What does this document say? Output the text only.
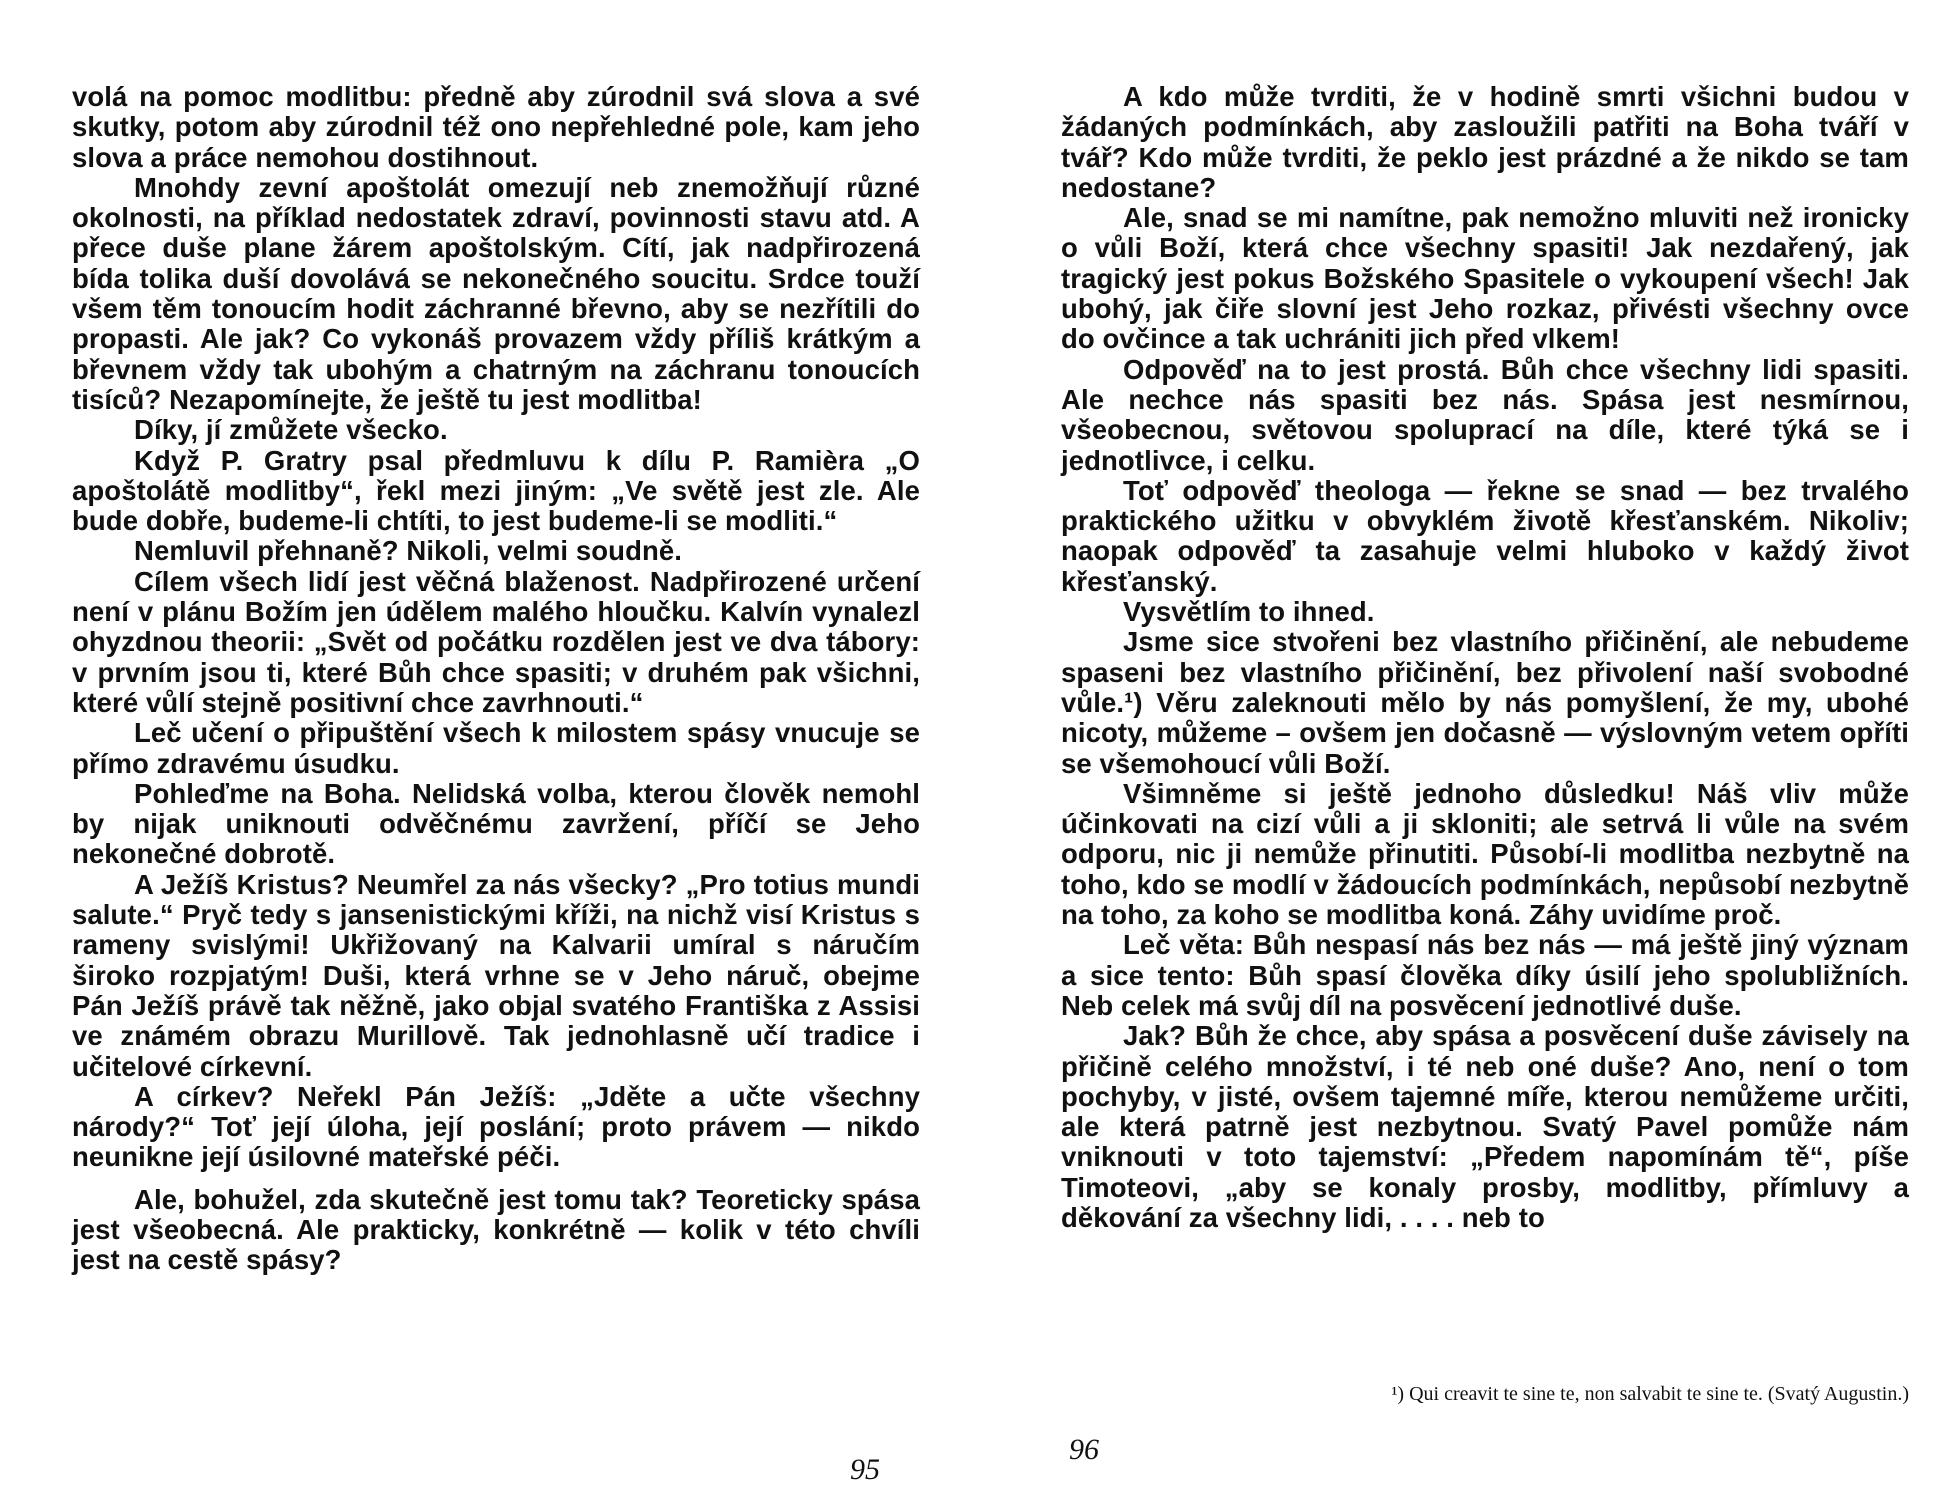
volá na pomoc modlitbu: předně aby zúrodnil svá slova a své skutky, potom aby zúrodnil též ono nepřehledné pole, kam jeho slova a práce nemohou dostihnout.

Mnohdy zevní apoštolát omezují neb znemožňují různé okolnosti, na příklad nedostatek zdraví, povinnosti stavu atd. A přece duše plane žárem apoštolským. Cítí, jak nadpřirozená bída tolika duší dovolává se nekonečného soucitu. Srdce touží všem těm tonoucím hodit záchranné břevno, aby se nezřítili do propasti. Ale jak? Co vykonáš provazem vždy příliš krátkým a břevnem vždy tak ubohým a chatrným na záchranu tonoucích tisíců? Nezapomínejte, že ještě tu jest modlitba!

Díky, jí zmůžete všecko.

Když P. Gratry psal předmluvu k dílu P. Ramièra „O apoštolátě modlitby“, řekl mezi jiným: „Ve světě jest zle. Ale bude dobře, budeme-li chtíti, to jest budeme-li se modliti.“

Nemluvil přehnaně? Nikoli, velmi soudně.

Cílem všech lidí jest věčná blaženost. Nadpřirozené určení není v plánu Božím jen údělem malého hloučku. Kalvín vynalezl ohyzdnou theorii: „Svět od počátku rozdělen jest ve dva tábory: v prvním jsou ti, které Bůh chce spasiti; v druhém pak všichni, které vůlí stejně positivní chce zavrhnouti.“

Leč učení o připuštění všech k milostem spásy vnucuje se přímo zdravému úsudku.

Pohleďme na Boha. Nelidská volba, kterou člověk nemohl by nijak uniknouti odvěčnému zavržení, příčí se Jeho nekonečné dobrotě.

A Ježíš Kristus? Neumřel za nás všecky? „Pro totius mundi salute.“ Pryč tedy s jansenistickými kříži, na nichž visí Kristus s rameny svislými! Ukřižovaný na Kalvarii umíral s náručím široko rozpjatým! Duši, která vrhne se v Jeho náruč, obejme Pán Ježíš právě tak něžně, jako objal svatého Františka z Assisi ve známém obrazu Murillově. Tak jednohlasně učí tradice i učitelové církevní.

A církev? Neřekl Pán Ježíš: „Jděte a učte všechny národy?“ Toť její úloha, její poslání; proto právem — nikdo neunikne její úsilovné mateřské péči.

Ale, bohužel, zda skutečně jest tomu tak? Teoreticky spása jest všeobecná. Ale prakticky, konkrétně — kolik v této chvíli jest na cestě spásy?

95

A kdo může tvrditi, že v hodině smrti všichni budou v žádaných podmínkách, aby zasloužili patřiti na Boha tváří v tvář? Kdo může tvrditi, že peklo jest prázdné a že nikdo se tam nedostane?

Ale, snad se mi namítne, pak nemožno mluviti než ironicky o vůli Boží, která chce všechny spasiti! Jak nezdařený, jak tragický jest pokus Božského Spasitele o vykoupení všech! Jak ubohý, jak čiře slovní jest Jeho rozkaz, přivésti všechny ovce do ovčince a tak uchrániti jich před vlkem!

Odpověď na to jest prostá. Bůh chce všechny lidi spasiti. Ale nechce nás spasiti bez nás. Spása jest nesmírnou, všeobecnou, světovou spoluprací na díle, které týká se i jednotlivce, i celku.

Toť odpověď theologa — řekne se snad — bez trvalého praktického užitku v obvyklém životě křesťanském. Nikoliv; naopak odpověď ta zasahuje velmi hluboko v každý život křesťanský.

Vysvětlím to ihned.

Jsme sice stvořeni bez vlastního přičinění, ale nebudeme spaseni bez vlastního přičinění, bez přivolení naší svobodné vůle.¹) Věru zaleknouti mělo by nás pomyšlení, že my, ubohé nicoty, můžeme – ovšem jen dočasně — výslovným vetem opříti se všemohoucí vůli Boží.

Všimněme si ještě jednoho důsledku! Náš vliv může účinkovati na cizí vůli a ji skloniti; ale setrvá li vůle na svém odporu, nic ji nemůže přinutiti. Působí-li modlitba nezbytně na toho, kdo se modlí v žádoucích podmínkách, nepůsobí nezbytně na toho, za koho se modlitba koná. Záhy uvidíme proč.

Leč věta: Bůh nespasí nás bez nás — má ještě jiný význam a sice tento: Bůh spasí člověka díky úsilí jeho spolubližních. Neb celek má svůj díl na posvěcení jednotlivé duše.

Jak? Bůh že chce, aby spása a posvěcení duše závisely na přičině celého množství, i té neb oné duše? Ano, není o tom pochyby, v jisté, ovšem tajemné míře, kterou nemůžeme určiti, ale která patrně jest nezbytnou. Svatý Pavel pomůže nám vniknouti v toto tajemství: „Předem napomínám tě“, píše Timoteovi, „aby se konaly prosby, modlitby, přímluvy a děkování za všechny lidi, . . . . neb to

¹) Qui creavit te sine te, non salvabit te sine te. (Svatý Augustin.)
96
